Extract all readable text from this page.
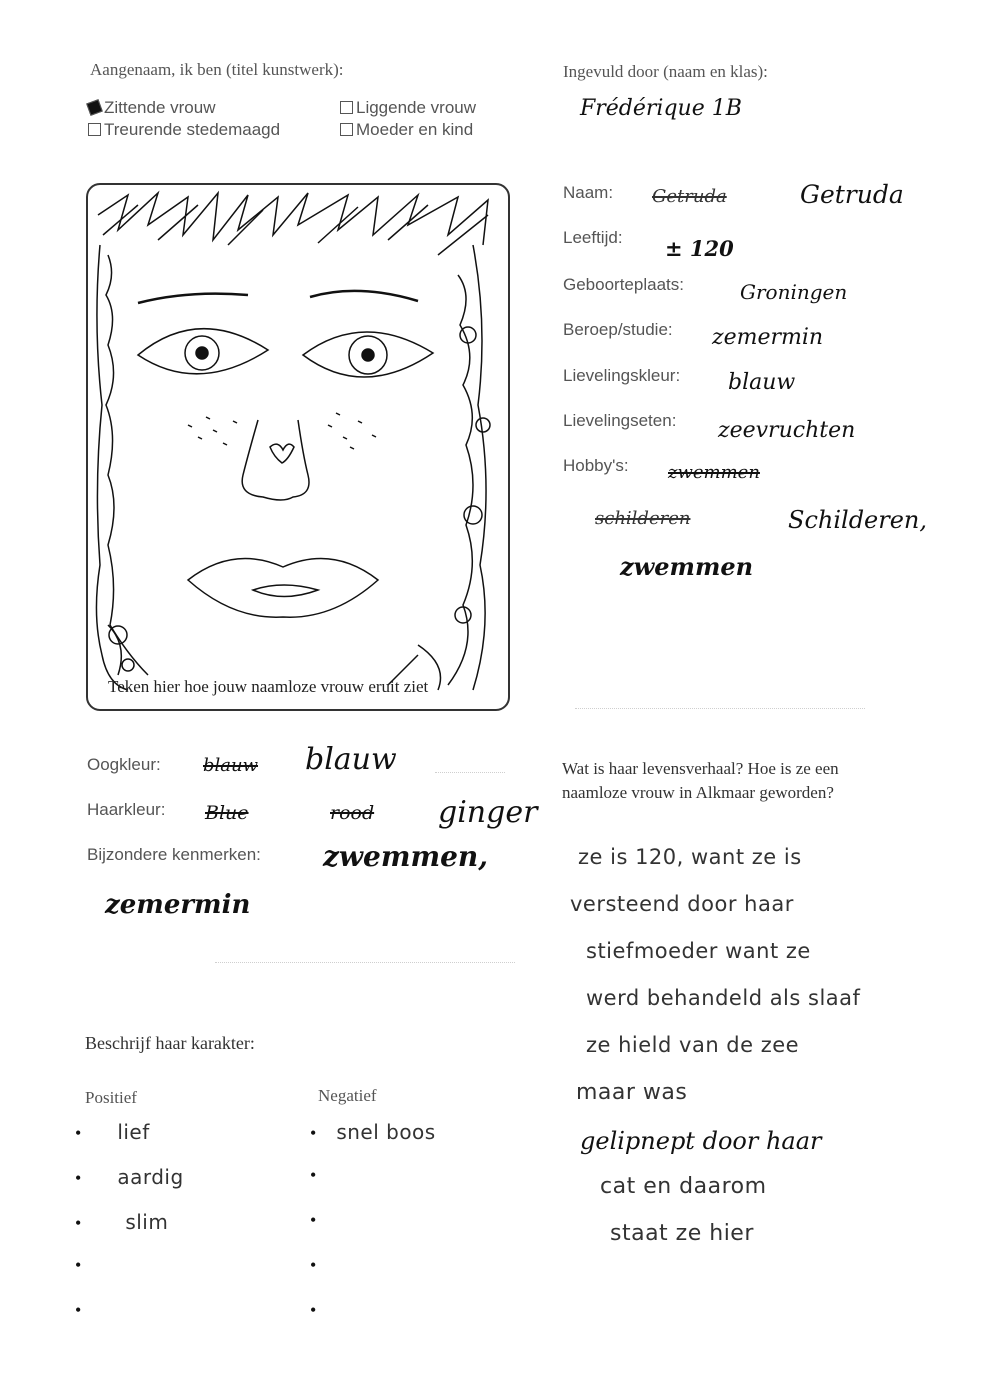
Aangenaam, ik ben (titel kunstwerk):	Ingevuld door (naam en klas):
Frédérique 1B
Zittende vrouw	Liggende vrouw
Treurende stedemaagd	Moeder en kind
Teken hier hoe jouw naamloze vrouw eruit ziet
Naam: Getruda	Getruda
Leeftijd: ± 120
Geboorteplaats:	Groningen
Beroep/studie: zemermin
Lievelingskleur: blauw
Lievelingseten: zeevruchten
Hobby's: zwemmen
schilderen	Schilderen,
zwemmen
Oogkleur: blauw blauw
Haarkleur: Blue	rood ginger
Bijzondere kenmerken: zwemmen,
zemermin
Wat is haar levensverhaal? Hoe is ze een naamloze vrouw in Alkmaar geworden?
ze is 120, want ze is
versteend door haar
stiefmoeder want ze
werd behandeld als slaaf
ze hield van de zee
maar was
gelipnept door haar
cat en daarom
staat ze hier
Beschrijf haar karakter:
Positief	Negatief
• lief
• aardig
• slim
•
•
• snel boos
•
•
•
•
